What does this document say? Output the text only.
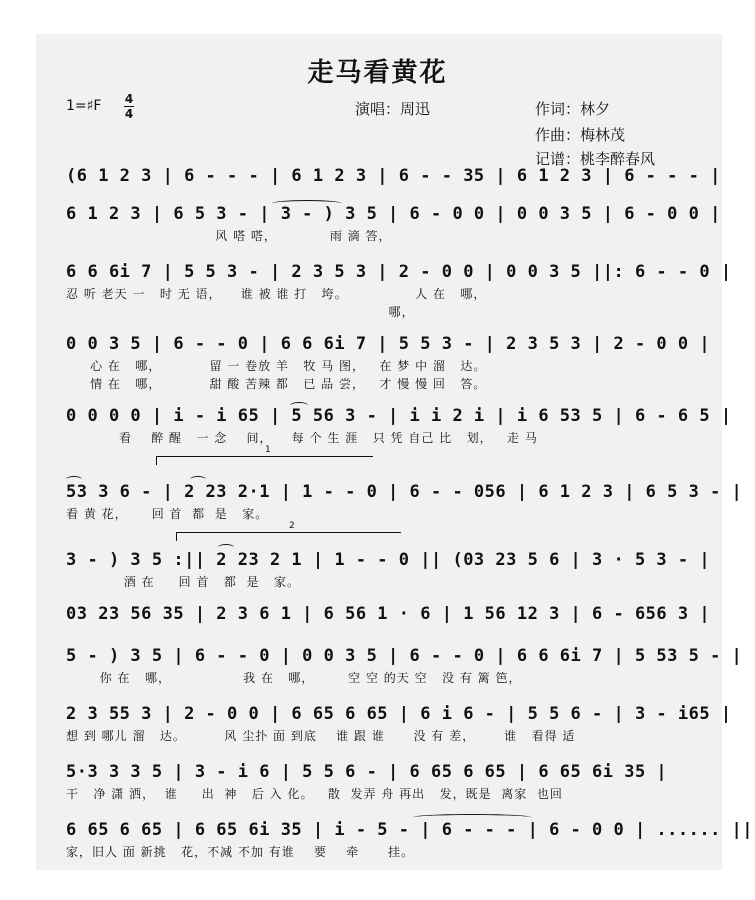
走马看黄花
1=♯F 4
4	演唱：周迅	作词：林夕
作曲：梅林茂
记谱：桃李醉春风
(6 1 2 3 | 6 - - - | 6 1 2 3 | 6 - - 35 | 6 1 2 3 | 6 - - - |
6 1 2 3 | 6 5 3 - | 3 - ) 3 5 | 6 - 0 0 | 0 0 3 5 | 6 - 0 0 |
风 嗒 嗒，           雨 滴 答，
6 6 6i 7 | 5 5 3 - | 2 3 5 3 | 2 - 0 0 | 0 0 3 5 ||: 6 - - 0 |
忍 听 老天 一   时 无 语，    谁 被 谁 打   垮。              人 在   哪，
哪，
0 0 3 5 | 6 - - 0 | 6 6 6i 7 | 5 5 3 - | 2 3 5 3 | 2 - 0 0 |
心 在   哪，          留 一 卷放 羊   牧 马 图，   在 梦 中 溜   达。
情 在   哪，          甜 酸 苦辣 都   已 品 尝，   才 慢 慢 回   答。
0 0 0 0 | i - i 65 | 5 56 3 - | i i 2 i | i 6 53 5 | 6 - 6 5 |
看    醉 醒   一 念    间，    每 个 生 涯   只 凭 自己 比   划，   走 马
1
53 3 6 - | 2 23 2·1 | 1 - - 0 | 6 - - 056 | 6 1 2 3 | 6 5 3 - |
看 黄 花，     回 首  都  是   家。
2
3 - ) 3 5 :|| 2 23 2 1 | 1 - - 0 || (03 23 5 6 | 3 · 5 3 - |
酒 在     回 首   都  是   家。
03 23 56 35 | 2 3 6 1 | 6 56 1 · 6 | 1 56 12 3 | 6 - 656 3 |
5 - ) 3 5 | 6 - - 0 | 0 0 3 5 | 6 - - 0 | 6 6 6i 7 | 5 53 5 - |
你 在   哪，               我 在   哪，       空 空 的天 空   没 有 篱 笆，
2 3 55 3 | 2 - 0 0 | 6 65 6 65 | 6 i 6 - | 5 5 6 - | 3 - i65 |
想 到 哪儿 溜   达。        风 尘扑 面 到底    谁 跟 谁      没 有 差，      谁   看得 适
5·3 3 3 5 | 3 - i 6 | 5 5 6 - | 6 65 6 65 | 6 65 6i 35 |
干   净 潇 洒，  谁     出  神   后 入 化。   散  发弄 舟 再出   发，既是  离家  也回
6 65 6 65 | 6 65 6i 35 | i - 5 - | 6 - - - | 6 - 0 0 | ...... ||
家，旧人 面 新挑   花，不减 不加 有谁    要    牵      挂。
